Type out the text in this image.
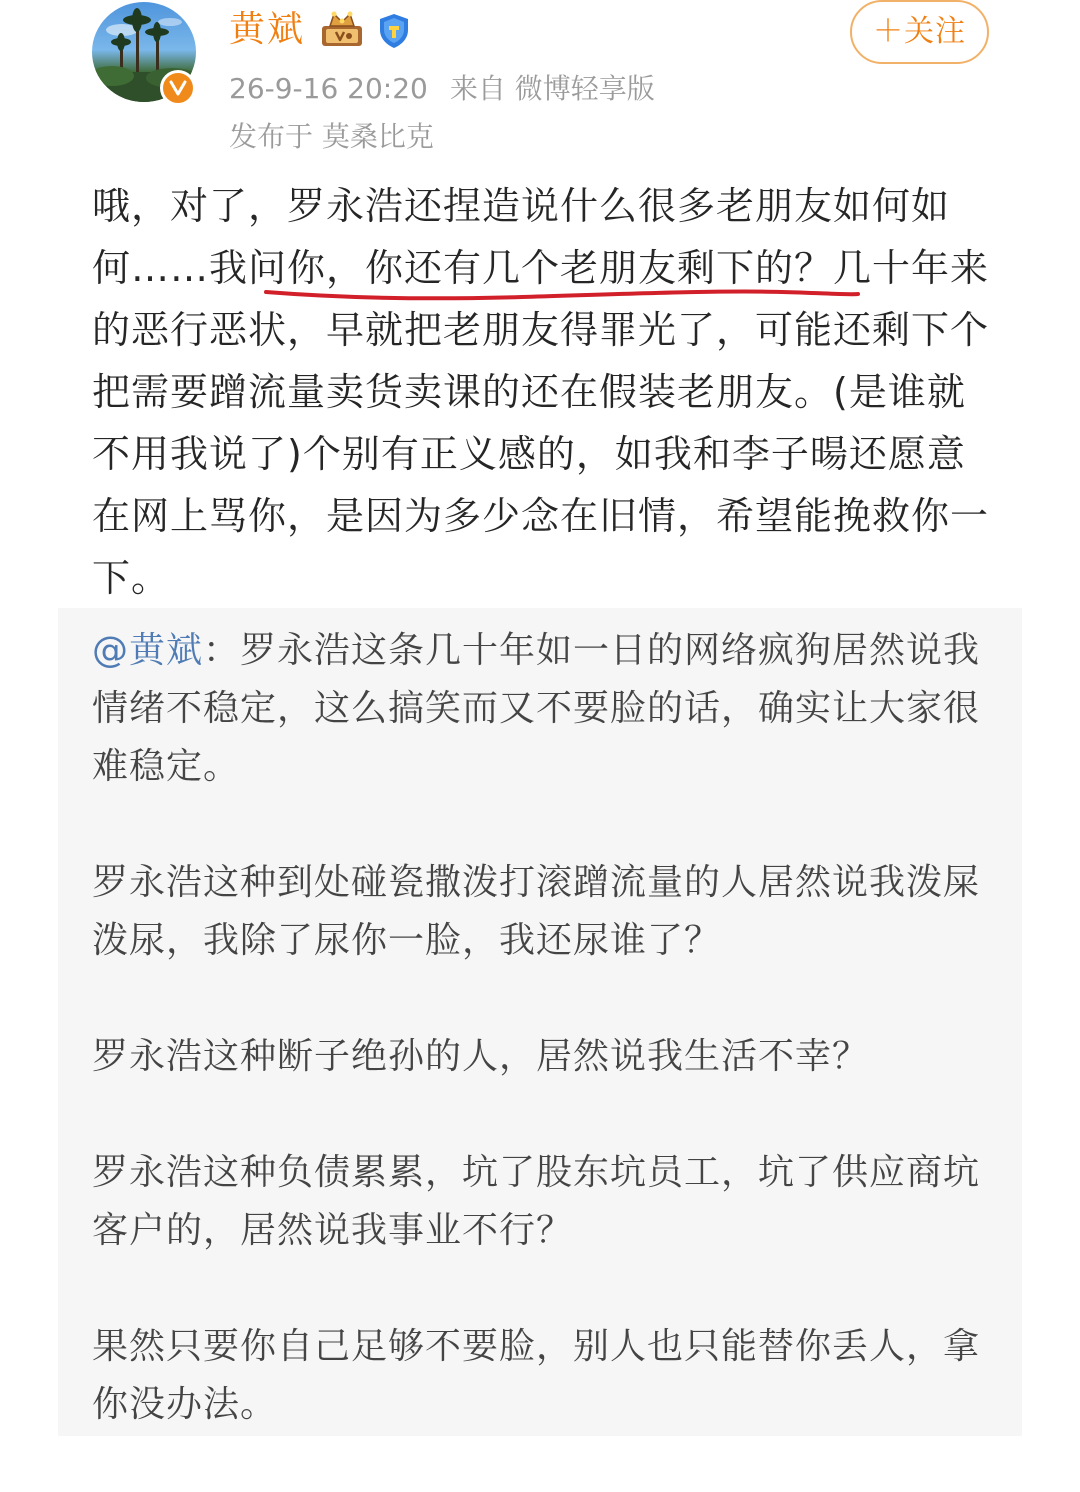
黄斌
26-9-16 20:20 来自 微博轻享版
发布于 莫桑比克
＋关注

哦，对了，罗永浩还捏造说什么很多老朋友如何如何……我问你，你还有几个老朋友剩下的？几十年来的恶行恶状，早就把老朋友得罪光了，可能还剩下个把需要蹭流量卖货卖课的还在假装老朋友。(是谁就不用我说了)个别有正义感的，如我和李子暘还愿意在网上骂你，是因为多少念在旧情，希望能挽救你一下。

@黄斌：罗永浩这条几十年如一日的网络疯狗居然说我情绪不稳定，这么搞笑而又不要脸的话，确实让大家很难稳定。

罗永浩这种到处碰瓷撒泼打滚蹭流量的人居然说我泼屎泼尿，我除了尿你一脸，我还尿谁了？

罗永浩这种断子绝孙的人，居然说我生活不幸？

罗永浩这种负债累累，坑了股东坑员工，坑了供应商坑客户的，居然说我事业不行？

果然只要你自己足够不要脸，别人也只能替你丢人，拿你没办法。
